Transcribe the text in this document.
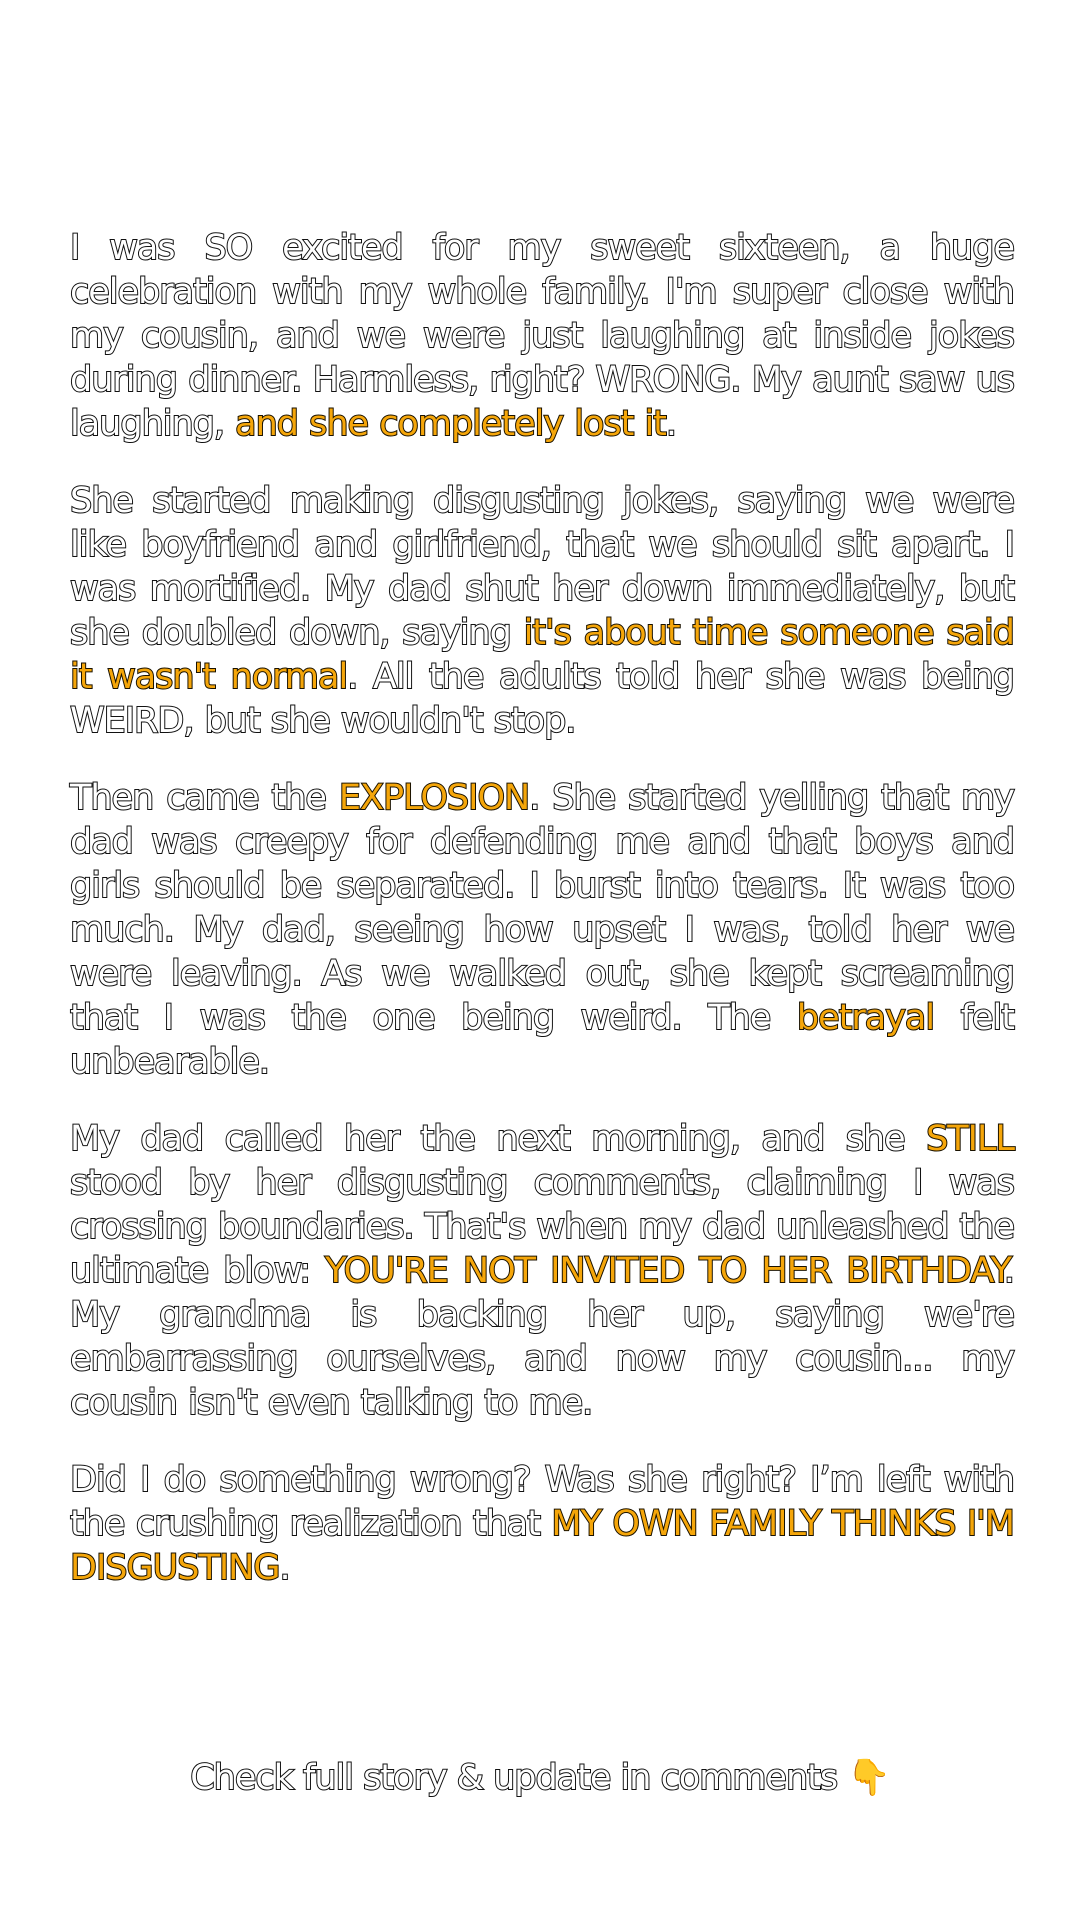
I was SO excited for my sweet sixteen, a huge celebration with my whole family. I'm super close with my cousin, and we were just laughing at inside jokes during dinner. Harmless, right? WRONG. My aunt saw us laughing, and she completely lost it.

She started making disgusting jokes, saying we were like boyfriend and girlfriend, that we should sit apart. I was mortified. My dad shut her down immediately, but she doubled down, saying it's about time someone said it wasn't normal. All the adults told her she was being WEIRD, but she wouldn't stop.

Then came the EXPLOSION. She started yelling that my dad was creepy for defending me and that boys and girls should be separated. I burst into tears. It was too much. My dad, seeing how upset I was, told her we were leaving. As we walked out, she kept screaming that I was the one being weird. The betrayal felt unbearable.

My dad called her the next morning, and she STILL stood by her disgusting comments, claiming I was crossing boundaries. That's when my dad unleashed the ultimate blow: YOU'RE NOT INVITED TO HER BIRTHDAY. My grandma is backing her up, saying we're embarrassing ourselves, and now my cousin... my cousin isn't even talking to me.

Did I do something wrong? Was she right? I’m left with the crushing realization that MY OWN FAMILY THINKS I'M DISGUSTING.

Check full story & update in comments 👇
